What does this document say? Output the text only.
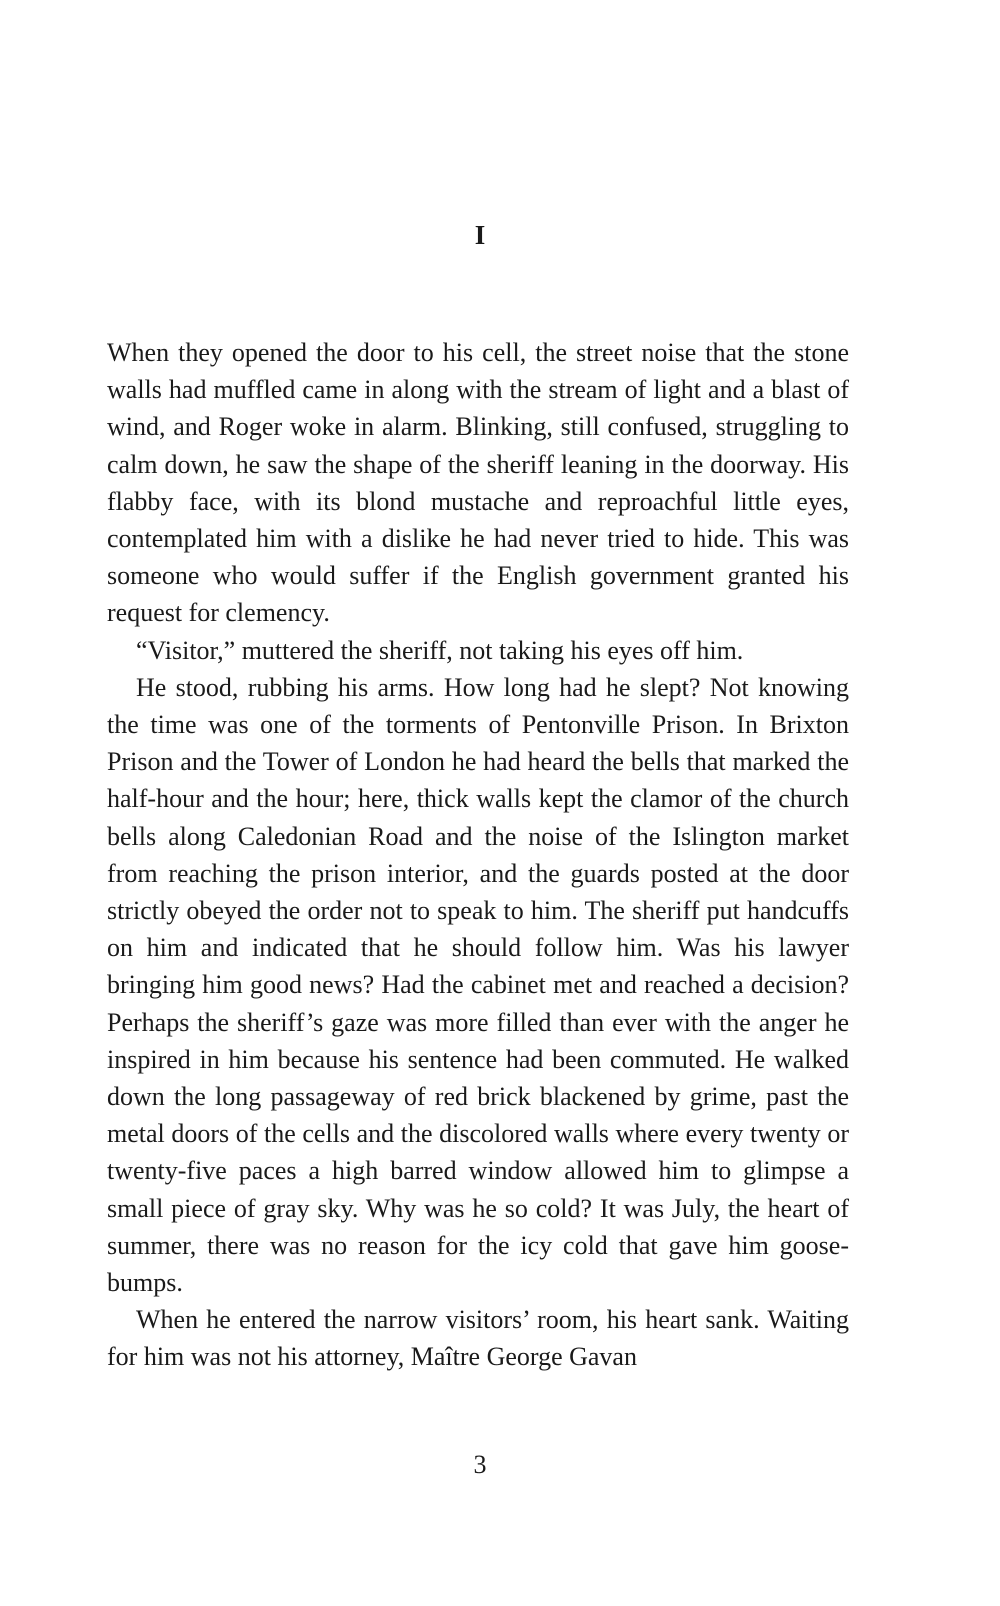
I

When they opened the door to his cell, the street noise that the stone walls had muffled came in along with the stream of light and a blast of wind, and Roger woke in alarm. Blinking, still confused, struggling to calm down, he saw the shape of the sheriff leaning in the doorway. His flabby face, with its blond mustache and reproachful little eyes, contemplated him with a dislike he had never tried to hide. This was someone who would suffer if the English government granted his request for clemency.

“Visitor,” muttered the sheriff, not taking his eyes off him.

He stood, rubbing his arms. How long had he slept? Not knowing the time was one of the torments of Pentonville Prison. In Brixton Prison and the Tower of London he had heard the bells that marked the half-hour and the hour; here, thick walls kept the clamor of the church bells along Caledonian Road and the noise of the Islington market from reaching the prison interior, and the guards posted at the door strictly obeyed the order not to speak to him. The sheriff put handcuffs on him and indicated that he should follow him. Was his lawyer bringing him good news? Had the cabinet met and reached a decision? Perhaps the sheriff’s gaze was more filled than ever with the anger he inspired in him because his sentence had been commuted. He walked down the long passageway of red brick blackened by grime, past the metal doors of the cells and the discolored walls where every twenty or twenty-five paces a high barred window allowed him to glimpse a small piece of gray sky. Why was he so cold? It was July, the heart of summer, there was no reason for the icy cold that gave him goose-bumps.

When he entered the narrow visitors’ room, his heart sank. Waiting for him was not his attorney, Maître George Gavan

3
